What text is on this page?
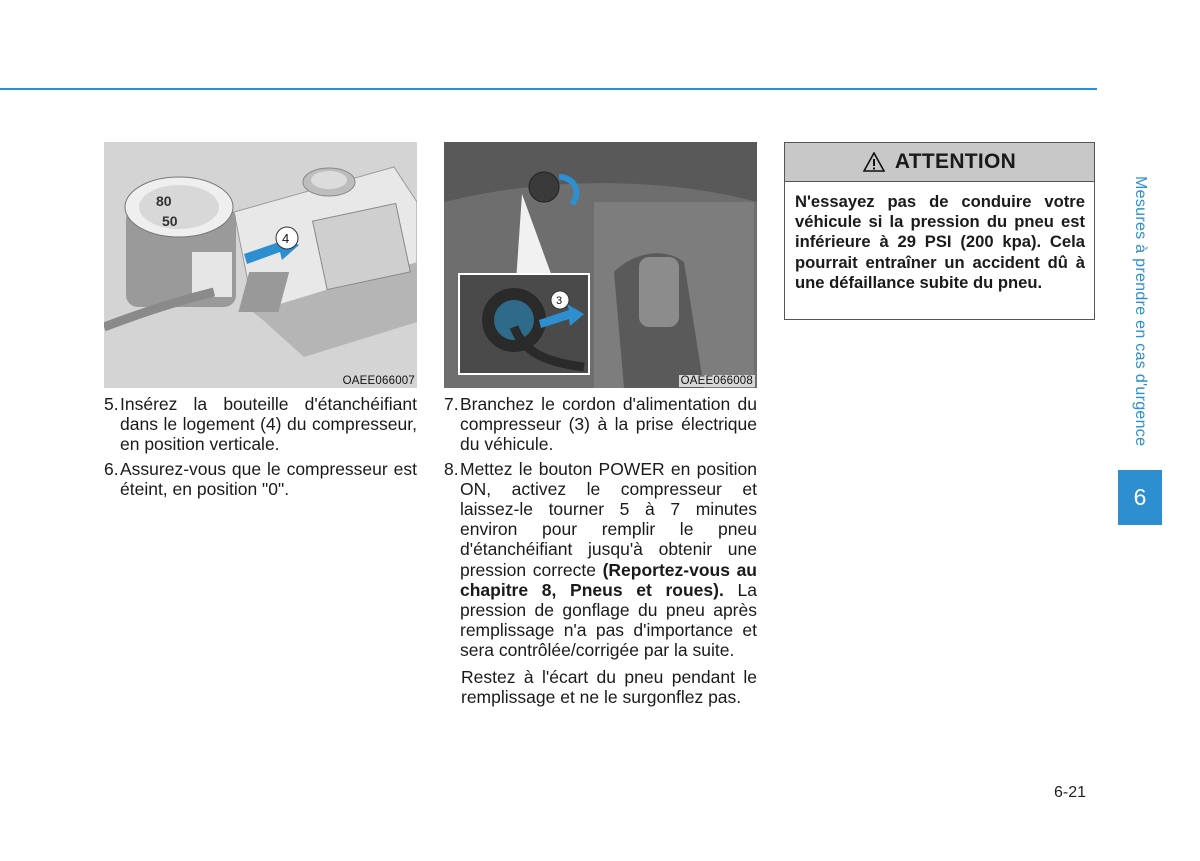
80
50
4
OAEE066007
3
OAEE066008
5. Insérez la bouteille d'étanchéifiant dans le logement (4) du compresseur, en position verticale.
6. Assurez-vous que le compresseur est éteint, en position "0".
7. Branchez le cordon d'alimentation du compresseur (3) à la prise électrique du véhicule.
8. Mettez le bouton POWER en position ON, activez le compresseur et laissez-le tourner 5 à 7 minutes environ pour remplir le pneu d'étanchéifiant jusqu'à obtenir une pression correcte (Reportez-vous au chapitre 8, Pneus et roues). La pression de gonflage du pneu après remplissage n'a pas d'importance et sera contrôlée/corrigée par la suite.
Restez à l'écart du pneu pendant le remplissage et ne le surgonflez pas.
ATTENTION
N'essayez pas de conduire votre véhicule si la pression du pneu est inférieure à 29 PSI (200 kpa). Cela pourrait entraîner un accident dû à une défaillance subite du pneu.	Mesures à prendre en cas d'urgence
6
6-21
